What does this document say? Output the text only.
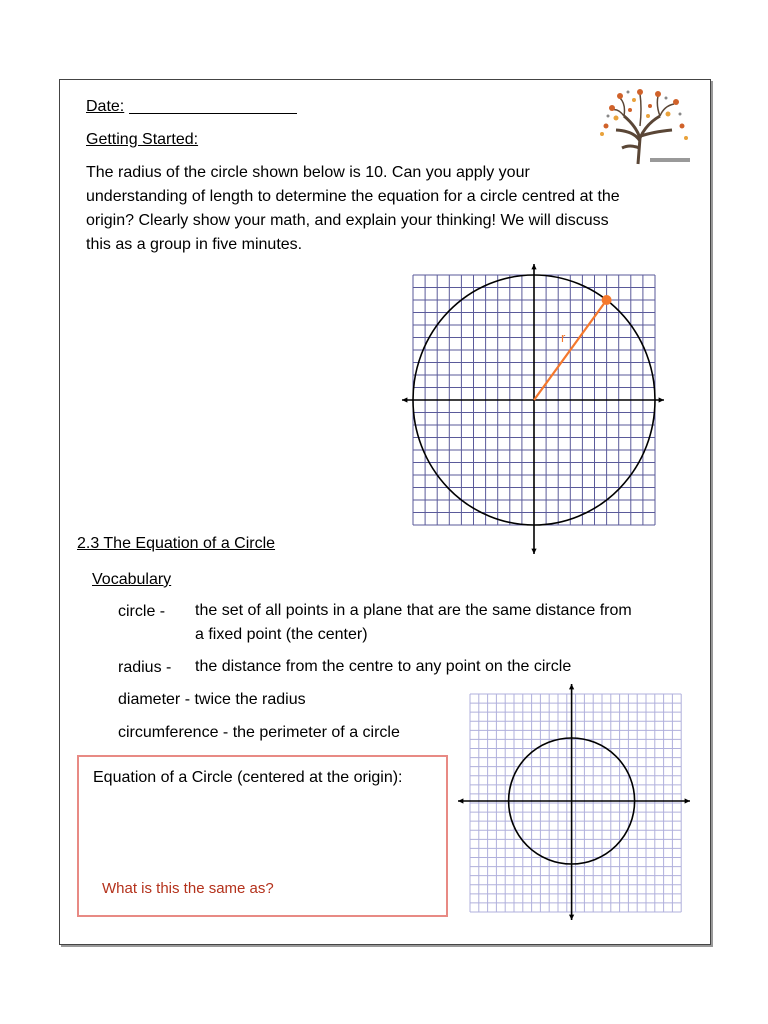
Date:
Getting Started:
The radius of the circle shown below is 10. Can you apply your
understanding of length to determine the equation for a circle centred at the
origin? Clearly show your math, and explain your thinking! We will discuss
this as a group in five minutes.
r
2.3 The Equation of a Circle
Vocabulary
circle - the set of all points in a plane that are the same distance from
a fixed point (the center)
radius - the distance from the centre to any point on the circle
diameter - twice the radius
circumference - the perimeter of a circle
Equation of a Circle (centered at the origin):
What is this the same as?
